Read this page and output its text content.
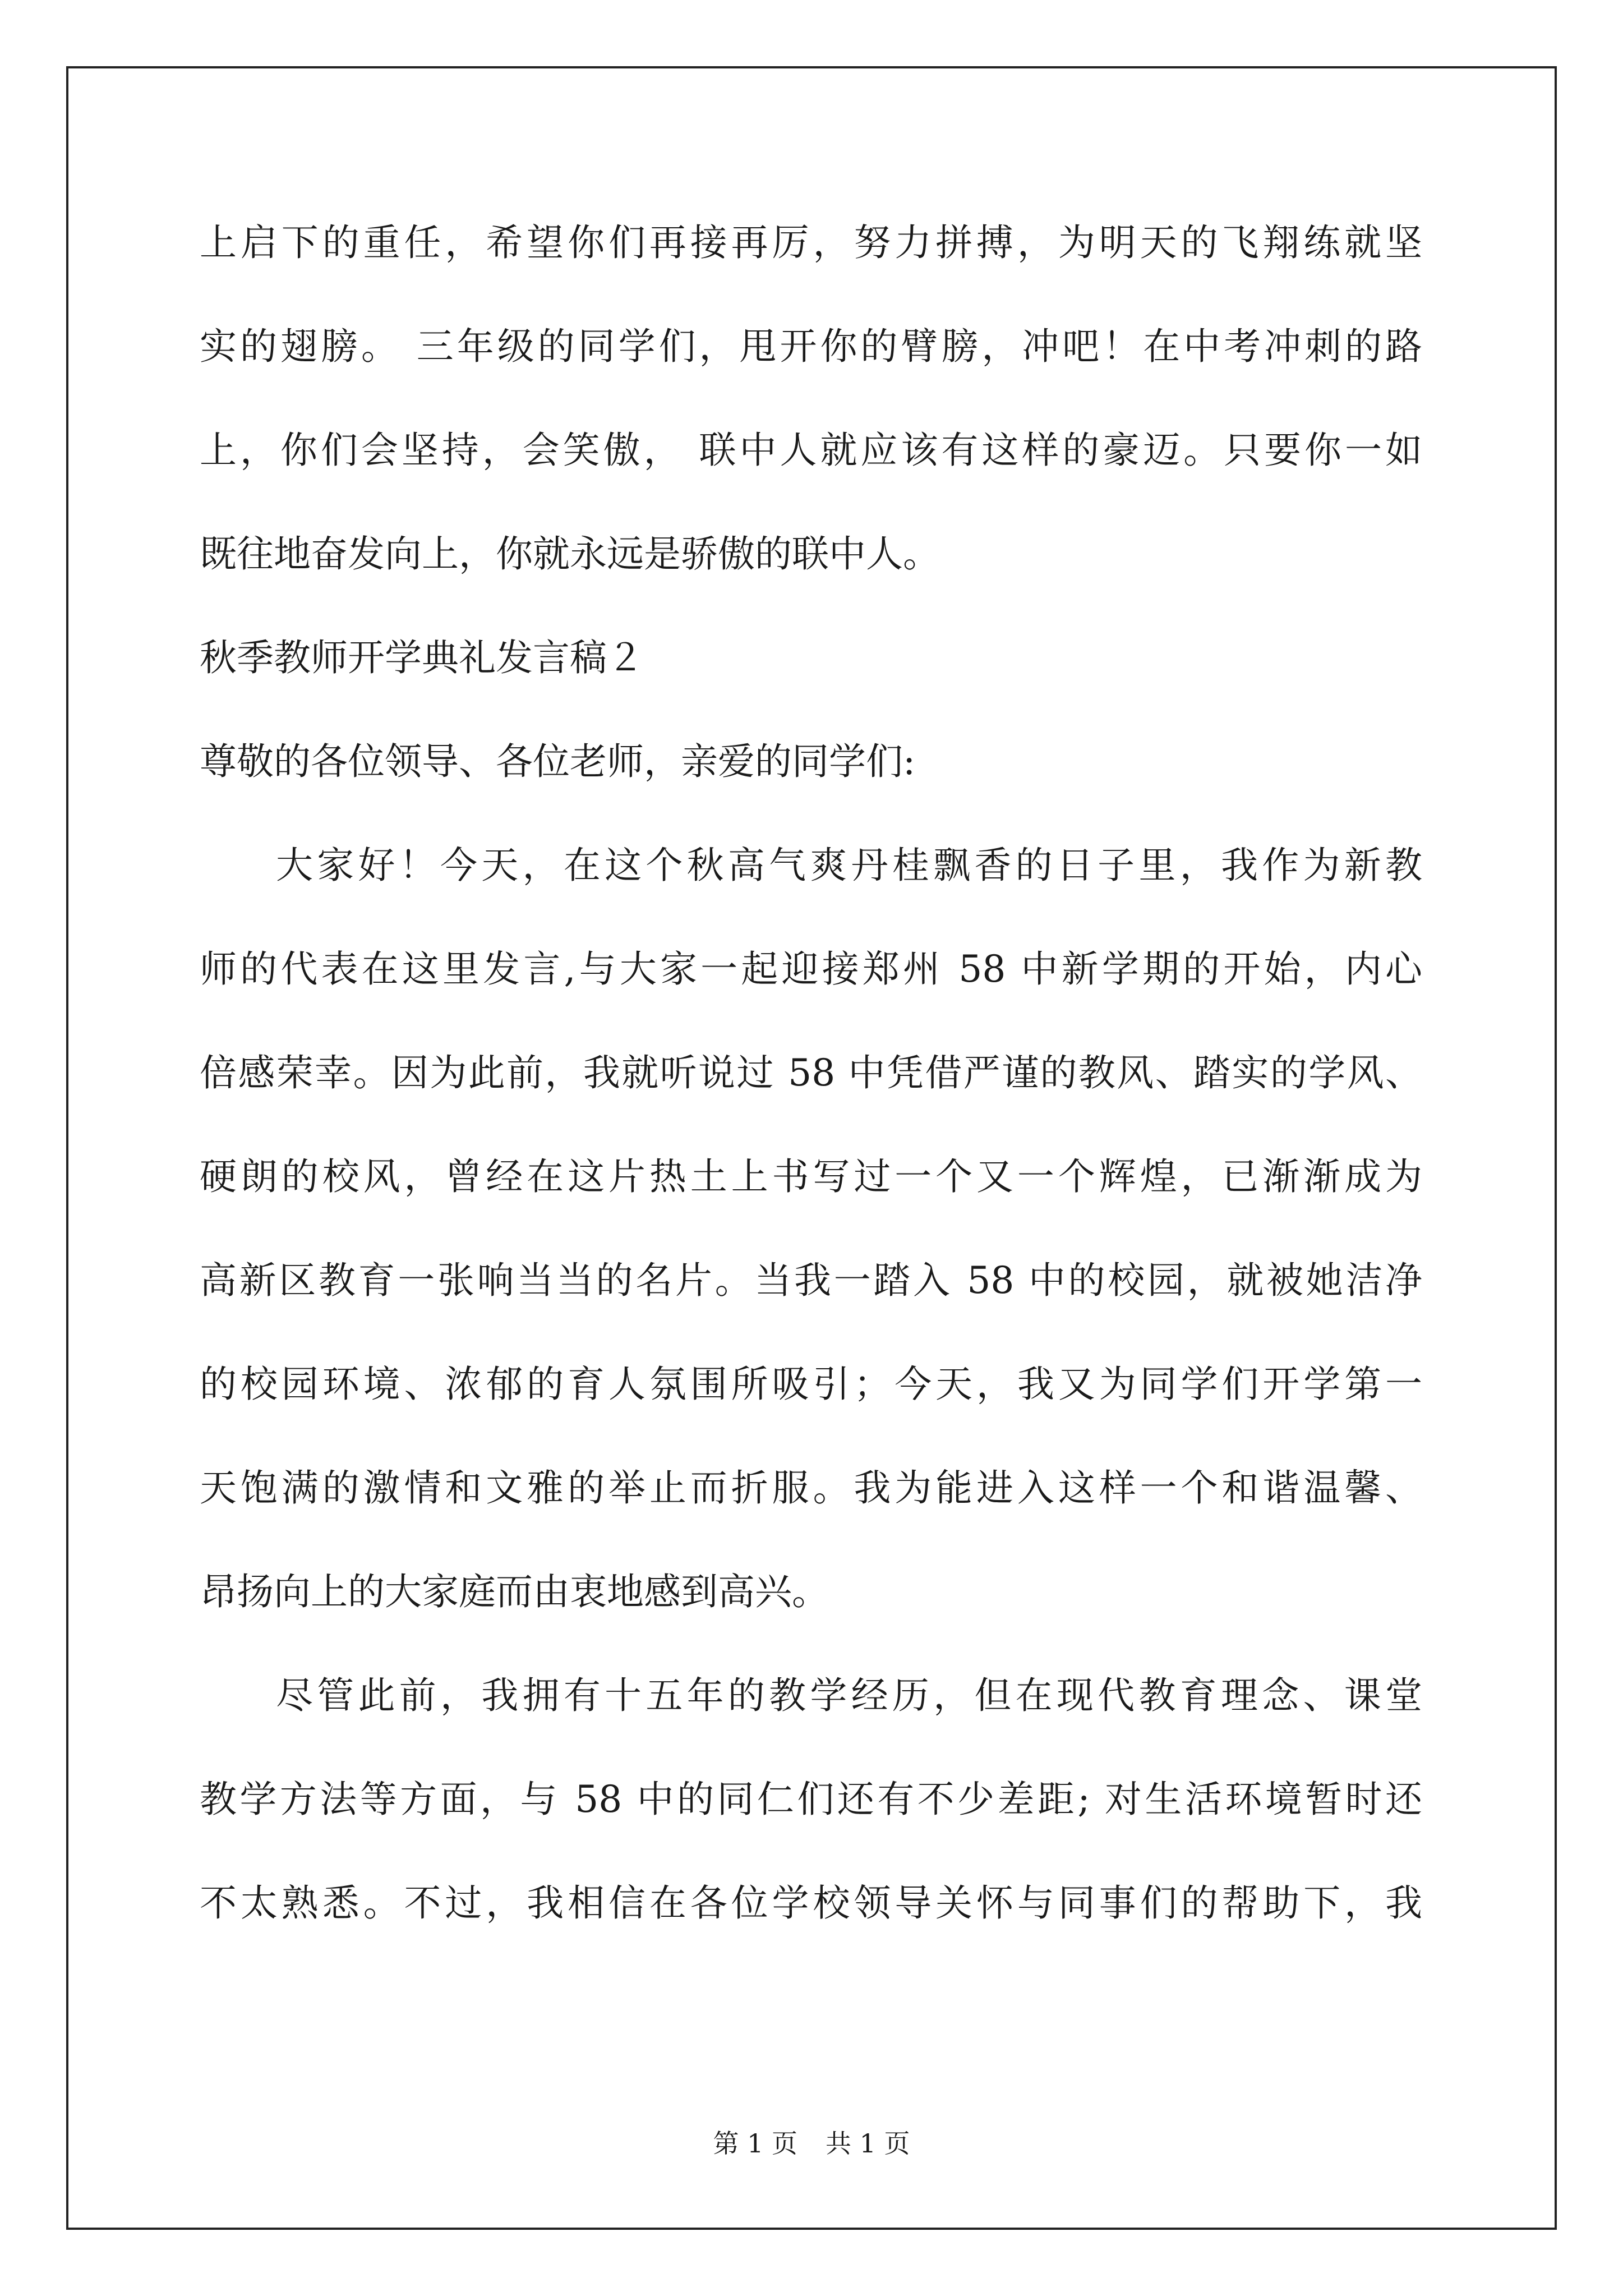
上启下的重任，希望你们再接再厉，努力拼搏，为明天的飞翔练就坚
实的翅膀。 三年级的同学们，甩开你的臂膀，冲吧！在中考冲刺的路
上，你们会坚持，会笑傲， 联中人就应该有这样的豪迈。只要你一如
既往地奋发向上，你就永远是骄傲的联中人。
秋季教师开学典礼发言稿２
尊敬的各位领导、各位老师，亲爱的同学们:
大家好！今天，在这个秋高气爽丹桂飘香的日子里，我作为新教
师的代表在这里发言,与大家一起迎接郑州 58 中新学期的开始，内心
倍感荣幸。因为此前，我就听说过 58 中凭借严谨的教风、踏实的学风、
硬朗的校风，曾经在这片热土上书写过一个又一个辉煌，已渐渐成为
高新区教育一张响当当的名片。当我一踏入 58 中的校园，就被她洁净
的校园环境、浓郁的育人氛围所吸引；今天，我又为同学们开学第一
天饱满的激情和文雅的举止而折服。我为能进入这样一个和谐温馨、
昂扬向上的大家庭而由衷地感到高兴。
尽管此前，我拥有十五年的教学经历，但在现代教育理念、课堂
教学方法等方面，与 58 中的同仁们还有不少差距; 对生活环境暂时还
不太熟悉。不过，我相信在各位学校领导关怀与同事们的帮助下，我
第 1 页 共 1 页
